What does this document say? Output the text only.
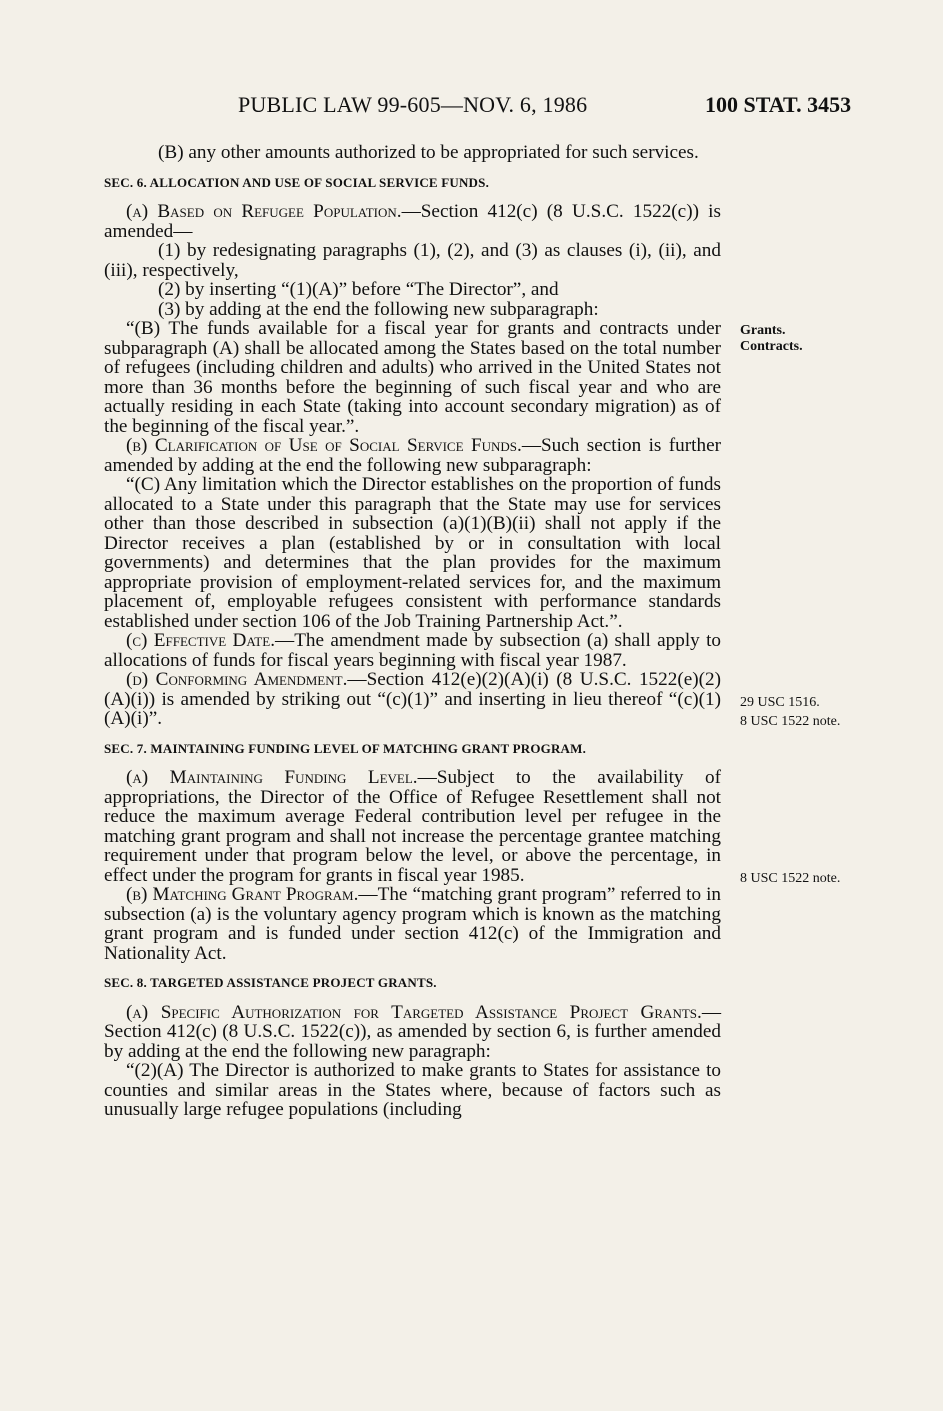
PUBLIC LAW 99-605—NOV. 6, 1986	100 STAT. 3453

(B) any other amounts authorized to be appropriated for such services.

SEC. 6. ALLOCATION AND USE OF SOCIAL SERVICE FUNDS.

(a) Based on Refugee Population.—Section 412(c) (8 U.S.C. 1522(c)) is amended—

(1) by redesignating paragraphs (1), (2), and (3) as clauses (i), (ii), and (iii), respectively,

(2) by inserting “(1)(A)” before “The Director”, and

(3) by adding at the end the following new subparagraph:

“(B) The funds available for a fiscal year for grants and contracts under subparagraph (A) shall be allocated among the States based on the total number of refugees (including children and adults) who arrived in the United States not more than 36 months before the beginning of such fiscal year and who are actually residing in each State (taking into account secondary migration) as of the beginning of the fiscal year.”.

(b) Clarification of Use of Social Service Funds.—Such section is further amended by adding at the end the following new subparagraph:

“(C) Any limitation which the Director establishes on the proportion of funds allocated to a State under this paragraph that the State may use for services other than those described in subsection (a)(1)(B)(ii) shall not apply if the Director receives a plan (established by or in consultation with local governments) and determines that the plan provides for the maximum appropriate provision of employment-related services for, and the maximum placement of, employable refugees consistent with performance standards established under section 106 of the Job Training Partnership Act.”.

(c) Effective Date.—The amendment made by subsection (a) shall apply to allocations of funds for fiscal years beginning with fiscal year 1987.

(d) Conforming Amendment.—Section 412(e)(2)(A)(i) (8 U.S.C. 1522(e)(2)(A)(i)) is amended by striking out “(c)(1)” and inserting in lieu thereof “(c)(1)(A)(i)”.

SEC. 7. MAINTAINING FUNDING LEVEL OF MATCHING GRANT PROGRAM.

(a) Maintaining Funding Level.—Subject to the availability of appropriations, the Director of the Office of Refugee Resettlement shall not reduce the maximum average Federal contribution level per refugee in the matching grant program and shall not increase the percentage grantee matching requirement under that program below the level, or above the percentage, in effect under the program for grants in fiscal year 1985.

(b) Matching Grant Program.—The “matching grant program” referred to in subsection (a) is the voluntary agency program which is known as the matching grant program and is funded under section 412(c) of the Immigration and Nationality Act.

SEC. 8. TARGETED ASSISTANCE PROJECT GRANTS.

(a) Specific Authorization for Targeted Assistance Project Grants.—Section 412(c) (8 U.S.C. 1522(c)), as amended by section 6, is further amended by adding at the end the following new paragraph:

“(2)(A) The Director is authorized to make grants to States for assistance to counties and similar areas in the States where, because of factors such as unusually large refugee populations (including

Grants.
Contracts.
29 USC 1516.
8 USC 1522 note.
8 USC 1522 note.
